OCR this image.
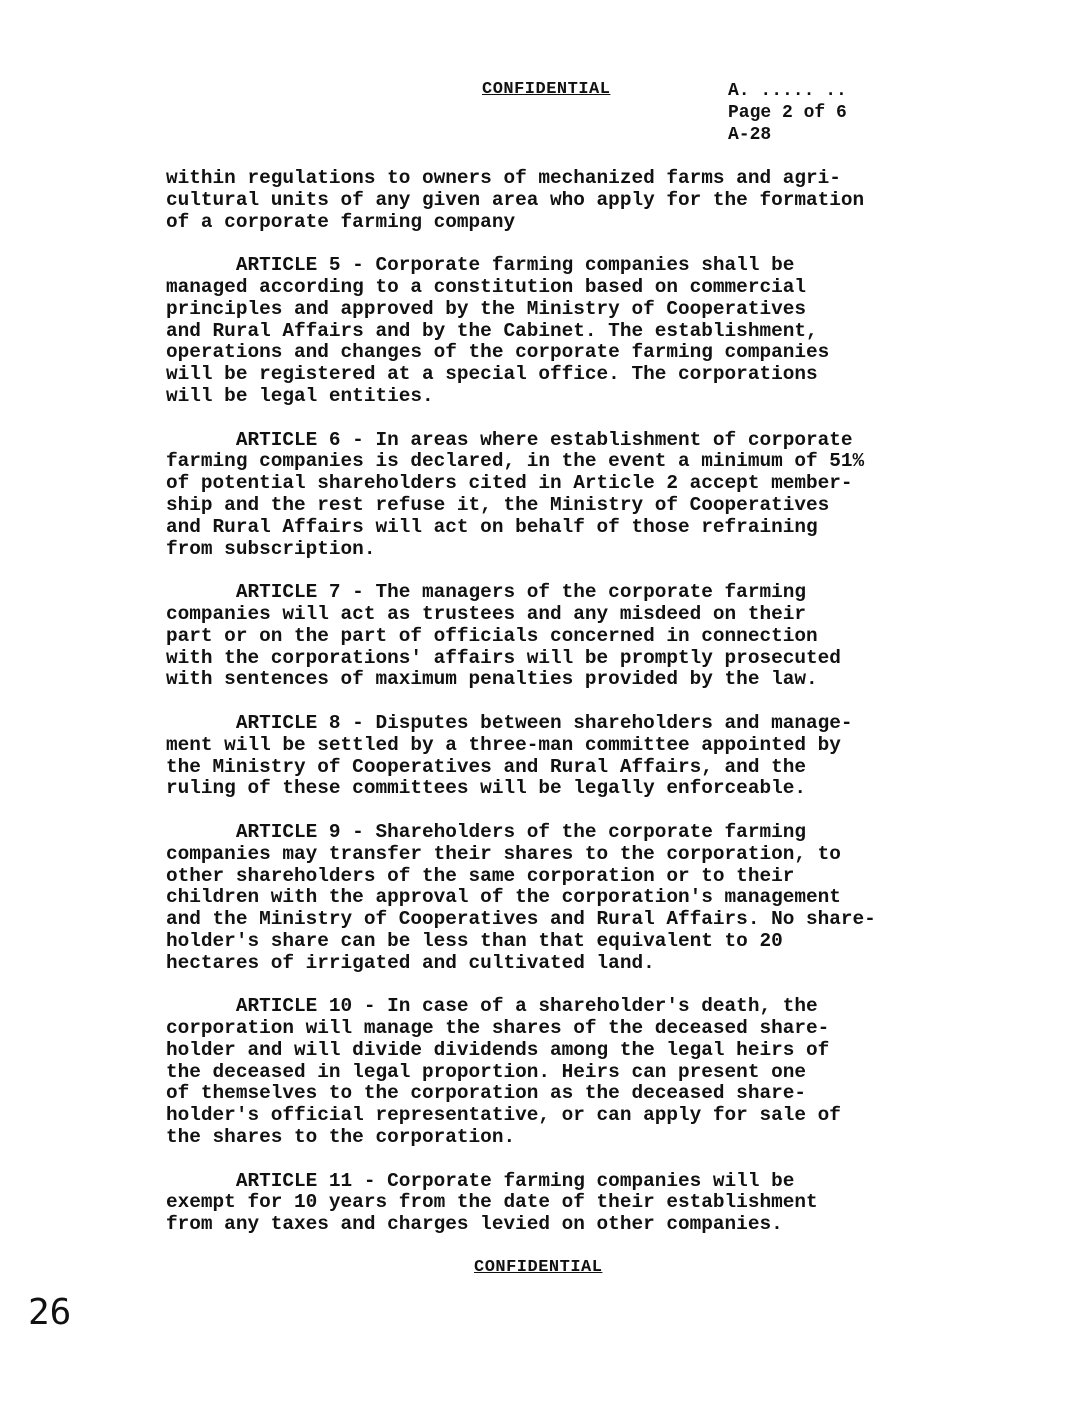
CONFIDENTIAL	A. ..... ..
Page 2 of 6
A-28
within regulations to owners of mechanized farms and agri-
cultural units of any given area who apply for the formation
of a corporate farming company
ARTICLE 5 - Corporate farming companies shall be
managed according to a constitution based on commercial
principles and approved by the Ministry of Cooperatives
and Rural Affairs and by the Cabinet. The establishment,
operations and changes of the corporate farming companies
will be registered at a special office. The corporations
will be legal entities.
ARTICLE 6 - In areas where establishment of corporate
farming companies is declared, in the event a minimum of 51%
of potential shareholders cited in Article 2 accept member-
ship and the rest refuse it, the Ministry of Cooperatives
and Rural Affairs will act on behalf of those refraining
from subscription.
ARTICLE 7 - The managers of the corporate farming
companies will act as trustees and any misdeed on their
part or on the part of officials concerned in connection
with the corporations' affairs will be promptly prosecuted
with sentences of maximum penalties provided by the law.
ARTICLE 8 - Disputes between shareholders and manage-
ment will be settled by a three-man committee appointed by
the Ministry of Cooperatives and Rural Affairs, and the
ruling of these committees will be legally enforceable.
ARTICLE 9 - Shareholders of the corporate farming
companies may transfer their shares to the corporation, to
other shareholders of the same corporation or to their
children with the approval of the corporation's management
and the Ministry of Cooperatives and Rural Affairs. No share-
holder's share can be less than that equivalent to 20
hectares of irrigated and cultivated land.
ARTICLE 10 - In case of a shareholder's death, the
corporation will manage the shares of the deceased share-
holder and will divide dividends among the legal heirs of
the deceased in legal proportion. Heirs can present one
of themselves to the corporation as the deceased share-
holder's official representative, or can apply for sale of
the shares to the corporation.
ARTICLE 11 - Corporate farming companies will be
exempt for 10 years from the date of their establishment
from any taxes and charges levied on other companies.
CONFIDENTIAL
26
